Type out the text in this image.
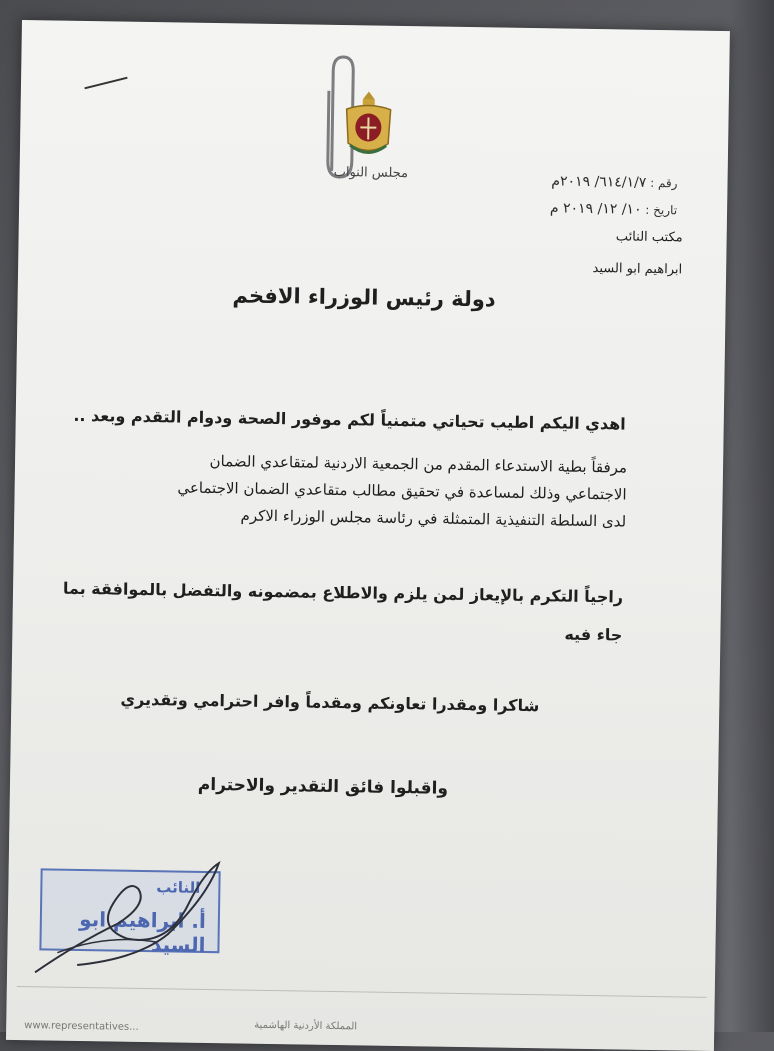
مجلس النواب
رقم : ٦١٤/١/٧/ ٢٠١٩م
تاريخ : ١٠/ ١٢/ ٢٠١٩ م
مكتب النائب
ابراهيم ابو السيد
دولة رئيس الوزراء الافخم
اهدي اليكم اطيب تحياتي متمنياً لكم موفور الصحة ودوام التقدم وبعد ..
مرفقاً بطية الاستدعاء المقدم من الجمعية الاردنية لمتقاعدي الضمان
الاجتماعي وذلك لمساعدة في تحقيق مطالب متقاعدي الضمان الاجتماعي
لدى السلطة التنفيذية المتمثلة في رئاسة مجلس الوزراء الاكرم
راجياً التكرم بالإيعاز لمن يلزم والاطلاع بمضمونه والتفضل بالموافقة بما
جاء فيه
شاكرا ومقدرا تعاونكم ومقدماً وافر احترامي وتقديري
واقبلوا فائق التقدير والاحترام
النائب
أ. ابراهيم ابو السيد
www.representatives...	المملكة الأردنية الهاشمية
